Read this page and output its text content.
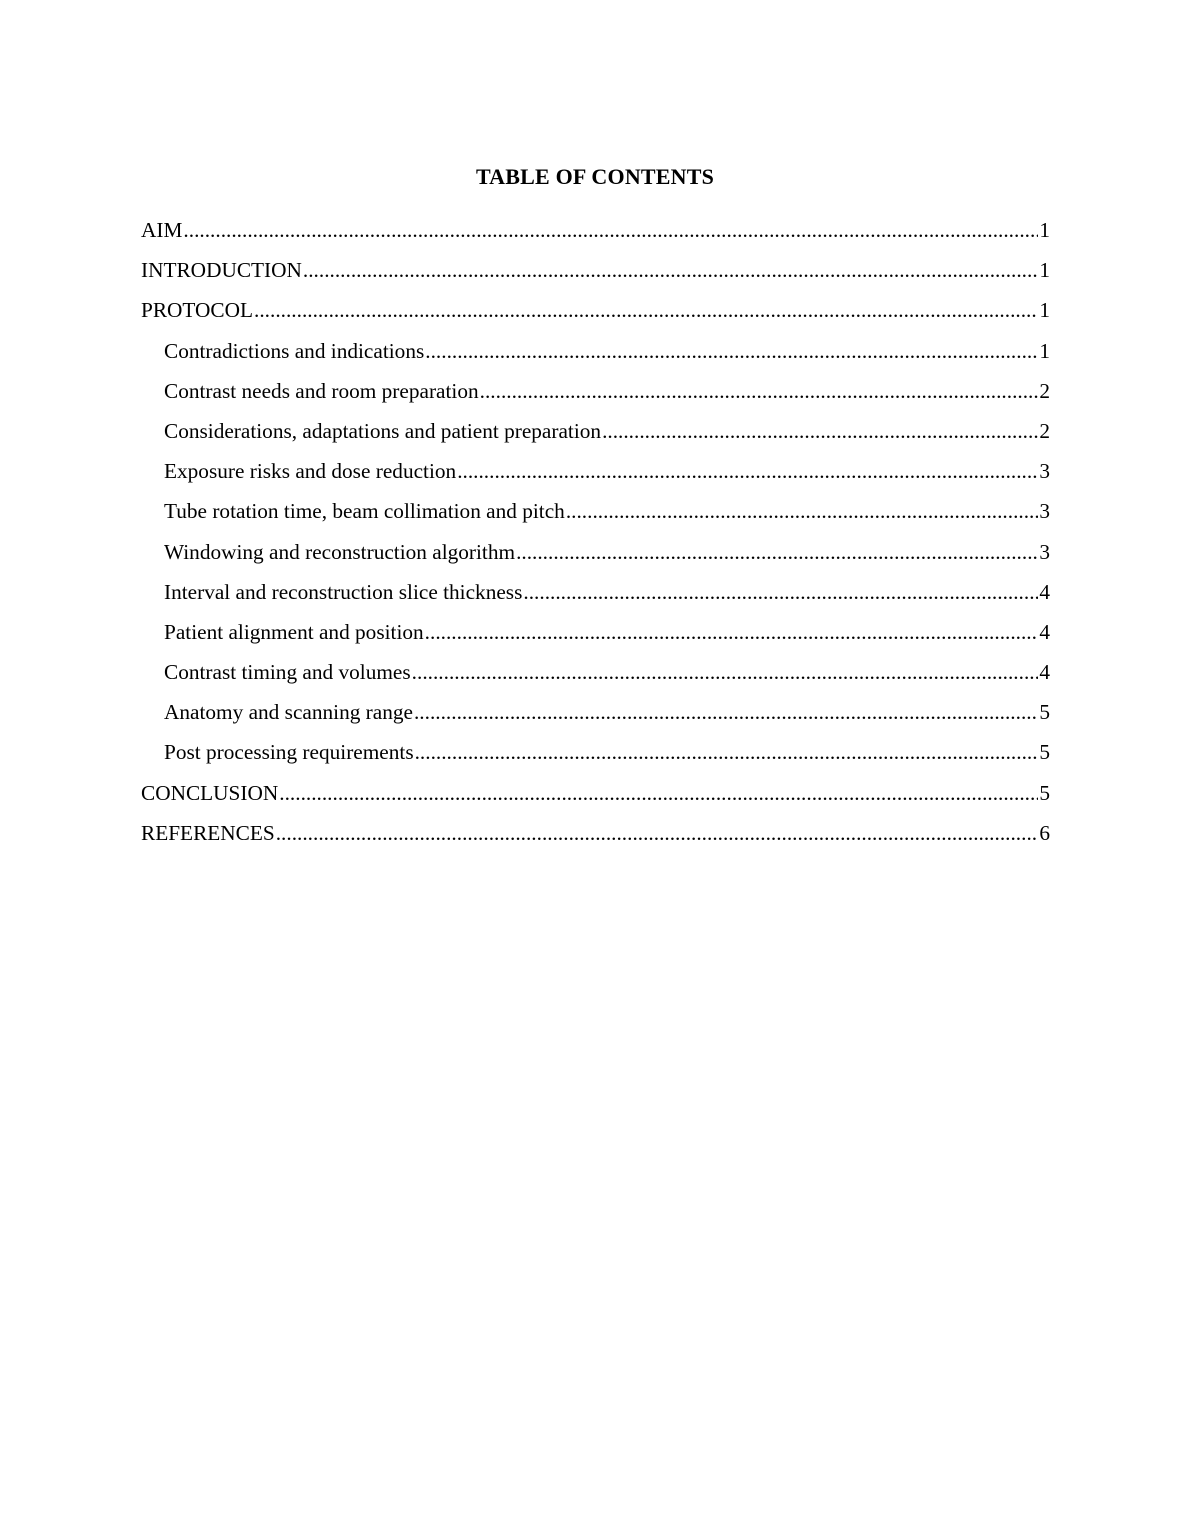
TABLE OF CONTENTS
AIM .....	1
INTRODUCTION .....	1
PROTOCOL .....	1
Contradictions and indications .....	1
Contrast needs and room preparation .....	2
Considerations, adaptations and patient preparation .....	2
Exposure risks and dose reduction .....	3
Tube rotation time, beam collimation and pitch .....	3
Windowing and reconstruction algorithm .....	3
Interval and reconstruction slice thickness .....	4
Patient alignment and position .....	4
Contrast timing and volumes .....	4
Anatomy and scanning range .....	5
Post processing requirements .....	5
CONCLUSION .....	5
REFERENCES .....	6
